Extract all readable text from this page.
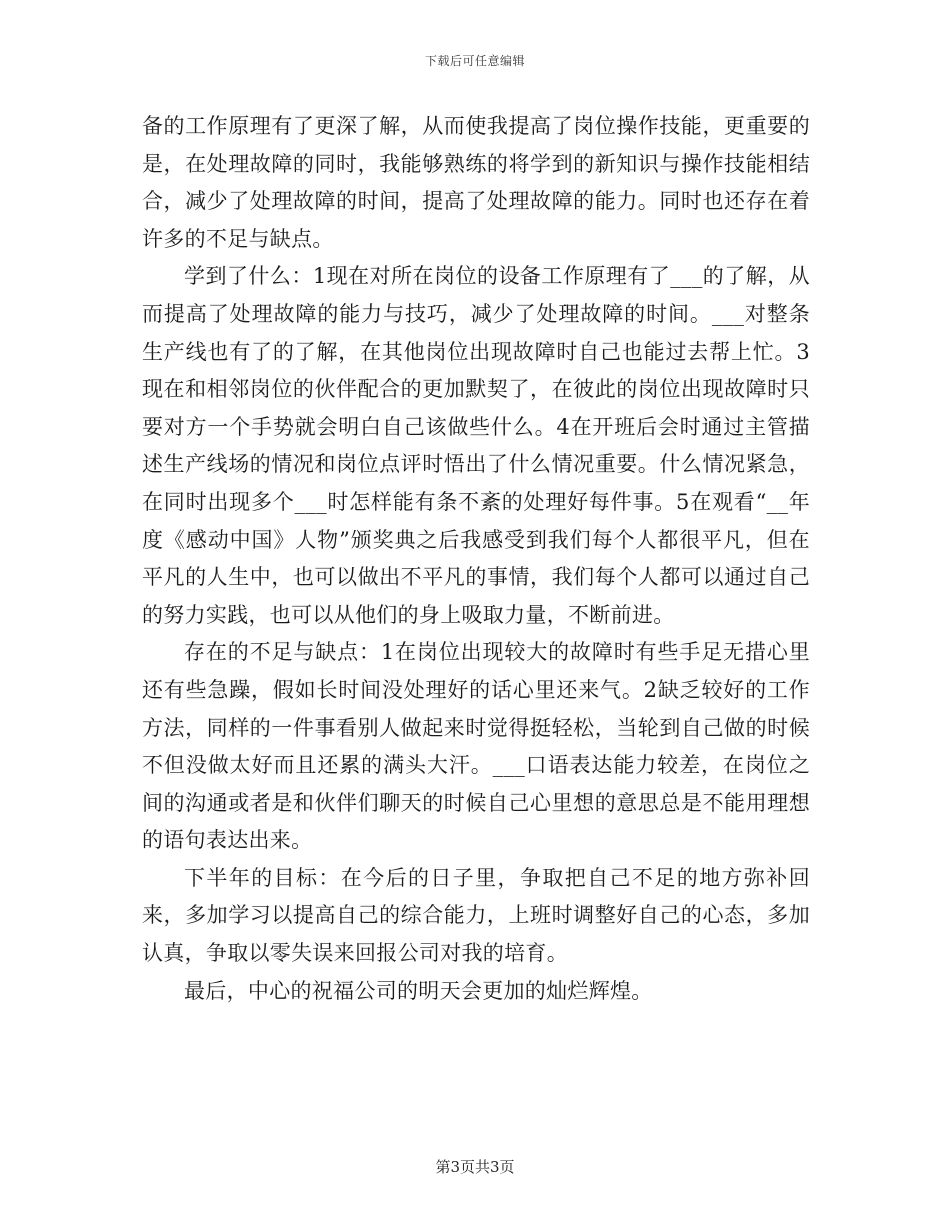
下载后可任意编辑

备的工作原理有了更深了解，从而使我提高了岗位操作技能，更重要的是，在处理故障的同时，我能够熟练的将学到的新知识与操作技能相结合，减少了处理故障的时间，提高了处理故障的能力。同时也还存在着许多的不足与缺点。

学到了什么：1现在对所在岗位的设备工作原理有了___的了解，从而提高了处理故障的能力与技巧，减少了处理故障的时间。___对整条生产线也有了的了解，在其他岗位出现故障时自己也能过去帮上忙。3现在和相邻岗位的伙伴配合的更加默契了，在彼此的岗位出现故障时只要对方一个手势就会明白自己该做些什么。4在开班后会时通过主管描述生产线场的情况和岗位点评时悟出了什么情况重要。什么情况紧急，在同时出现多个___时怎样能有条不紊的处理好每件事。5在观看“__年度《感动中国》人物”颁奖典之后我感受到我们每个人都很平凡，但在平凡的人生中，也可以做出不平凡的事情，我们每个人都可以通过自己的努力实践，也可以从他们的身上吸取力量，不断前进。

存在的不足与缺点：1在岗位出现较大的故障时有些手足无措心里还有些急躁，假如长时间没处理好的话心里还来气。2缺乏较好的工作方法，同样的一件事看别人做起来时觉得挺轻松，当轮到自己做的时候不但没做太好而且还累的满头大汗。___口语表达能力较差，在岗位之间的沟通或者是和伙伴们聊天的时候自己心里想的意思总是不能用理想的语句表达出来。

下半年的目标：在今后的日子里，争取把自己不足的地方弥补回来，多加学习以提高自己的综合能力，上班时调整好自己的心态，多加认真，争取以零失误来回报公司对我的培育。

最后，中心的祝福公司的明天会更加的灿烂辉煌。

第3页共3页
